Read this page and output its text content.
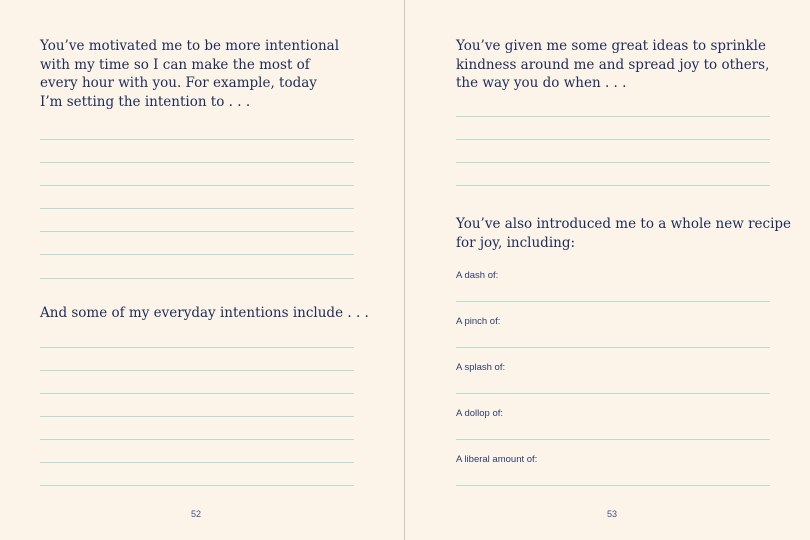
You’ve motivated me to be more intentional
with my time so I can make the most of
every hour with you. For example, today
I’m setting the intention to . . .

And some of my everyday intentions include . . .

52

You’ve given me some great ideas to sprinkle
kindness around me and spread joy to others,
the way you do when . . .

You’ve also introduced me to a whole new recipe
for joy, including:

A dash of:
A pinch of:
A splash of:
A dollop of:
A liberal amount of:
53
